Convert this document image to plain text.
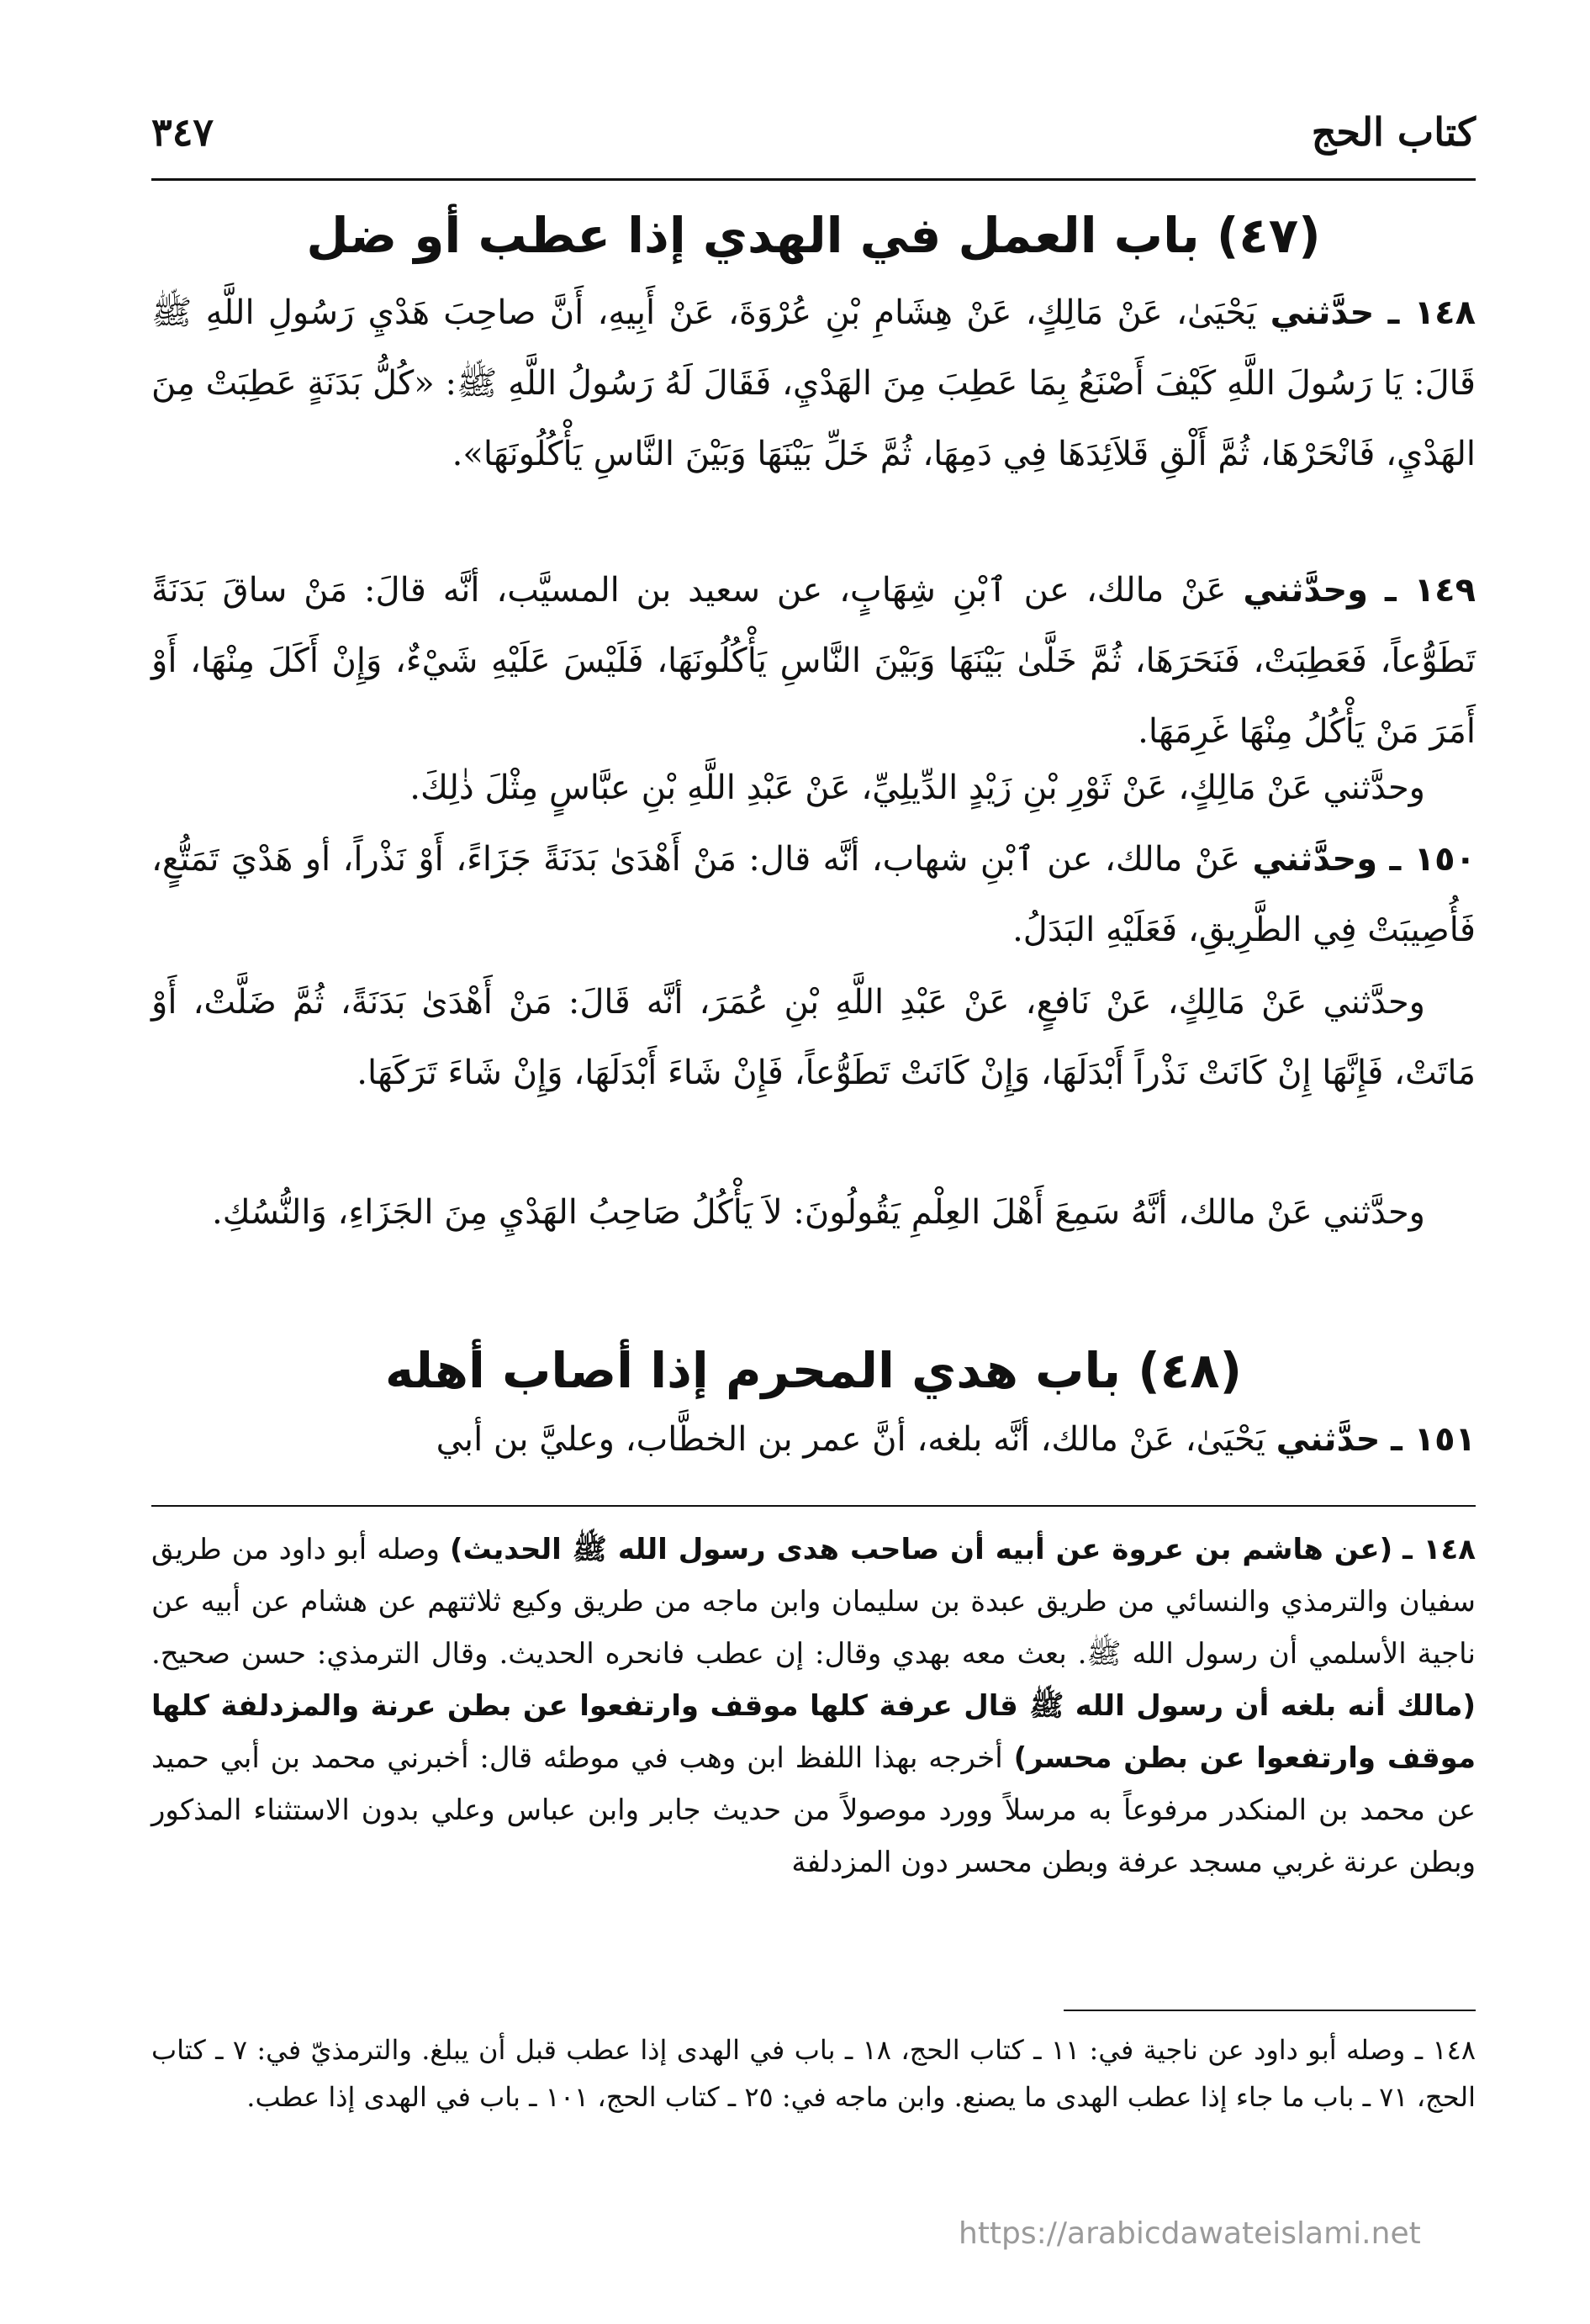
كتاب الحج
٣٤٧
(٤٧) باب العمل في الهدي إذا عطب أو ضل

١٤٨ ـ حدَّثني يَحْيَىٰ، عَنْ مَالِكٍ، عَنْ هِشَامِ بْنِ عُرْوَةَ، عَنْ أَبِيهِ، أَنَّ صاحِبَ هَدْيِ رَسُولِ اللَّهِ ﷺ قَالَ: يَا رَسُولَ اللَّهِ كَيْفَ أَصْنَعُ بِمَا عَطِبَ مِنَ الهَدْيِ، فَقَالَ لَهُ رَسُولُ اللَّهِ ﷺ: «كُلُّ بَدَنَةٍ عَطِبَتْ مِنَ الهَدْيِ، فَانْحَرْهَا، ثُمَّ أَلْقِ قَلاَئِدَهَا فِي دَمِهَا، ثُمَّ خَلِّ بَيْنَهَا وَبَيْنَ النَّاسِ يَأْكُلُونَهَا».

١٤٩ ـ وحدَّثني عَنْ مالك، عن ٱبْنِ شِهَابٍ، عن سعيد بن المسيَّب، أنَّه قالَ: مَنْ ساقَ بَدَنَةً تَطَوُّعاً، فَعَطِبَتْ، فَنَحَرَهَا، ثُمَّ خَلَّىٰ بَيْنَهَا وَبَيْنَ النَّاسِ يَأْكُلُونَهَا، فَلَيْسَ عَلَيْهِ شَيْءٌ، وَإِنْ أَكَلَ مِنْهَا، أَوْ أَمَرَ مَنْ يَأْكُلُ مِنْهَا غَرِمَهَا.

وحدَّثني عَنْ مَالِكٍ، عَنْ ثَوْرِ بْنِ زَيْدٍ الدِّيلِيِّ، عَنْ عَبْدِ اللَّهِ بْنِ عبَّاسٍ مِثْلَ ذٰلِكَ.

١٥٠ ـ وحدَّثني عَنْ مالك، عن ٱبْنِ شهاب، أنَّه قال: مَنْ أَهْدَىٰ بَدَنَةً جَزَاءً، أَوْ نَذْراً، أو هَدْيَ تَمَتُّعٍ، فَأُصِيبَتْ فِي الطَّرِيقِ، فَعَلَيْهِ البَدَلُ.

وحدَّثني عَنْ مَالِكٍ، عَنْ نَافعٍ، عَنْ عَبْدِ اللَّهِ بْنِ عُمَرَ، أنَّه قَالَ: مَنْ أَهْدَىٰ بَدَنَةً، ثُمَّ ضَلَّتْ، أَوْ مَاتَتْ، فَإِنَّهَا إِنْ كَانَتْ نَذْراً أَبْدَلَهَا، وَإِنْ كَانَتْ تَطَوُّعاً، فَإِنْ شَاءَ أَبْدَلَهَا، وَإِنْ شَاءَ تَرَكَهَا.

وحدَّثني عَنْ مالك، أنَّهُ سَمِعَ أَهْلَ العِلْمِ يَقُولُونَ: لاَ يَأْكُلُ صَاحِبُ الهَدْيِ مِنَ الجَزَاءِ، وَالنُّسُكِ.

(٤٨) باب هدي المحرم إذا أصاب أهله

١٥١ ـ حدَّثني يَحْيَىٰ، عَنْ مالك، أنَّه بلغه، أنَّ عمر بن الخطَّاب، وعليَّ بن أبي

١٤٨ ـ (عن هاشم بن عروة عن أبيه أن صاحب هدى رسول الله ﷺ الحديث) وصله أبو داود من طريق سفيان والترمذي والنسائي من طريق عبدة بن سليمان وابن ماجه من طريق وكيع ثلاثتهم عن هشام عن أبيه عن ناجية الأسلمي أن رسول الله ﷺ. بعث معه بهدي وقال: إن عطب فانحره الحديث. وقال الترمذي: حسن صحيح. (مالك أنه بلغه أن رسول الله ﷺ قال عرفة كلها موقف وارتفعوا عن بطن عرنة والمزدلفة كلها موقف وارتفعوا عن بطن محسر) أخرجه بهذا اللفظ ابن وهب في موطئه قال: أخبرني محمد بن أبي حميد عن محمد بن المنكدر مرفوعاً به مرسلاً وورد موصولاً من حديث جابر وابن عباس وعلي بدون الاستثناء المذكور وبطن عرنة غربي مسجد عرفة وبطن محسر دون المزدلفة

١٤٨ ـ وصله أبو داود عن ناجية في: ١١ ـ كتاب الحج، ١٨ ـ باب في الهدى إذا عطب قبل أن يبلغ. والترمذيّ في: ٧ ـ كتاب الحج، ٧١ ـ باب ما جاء إذا عطب الهدى ما يصنع. وابن ماجه في: ٢٥ ـ كتاب الحج، ١٠١ ـ باب في الهدى إذا عطب.

https://arabicdawateislami.net
